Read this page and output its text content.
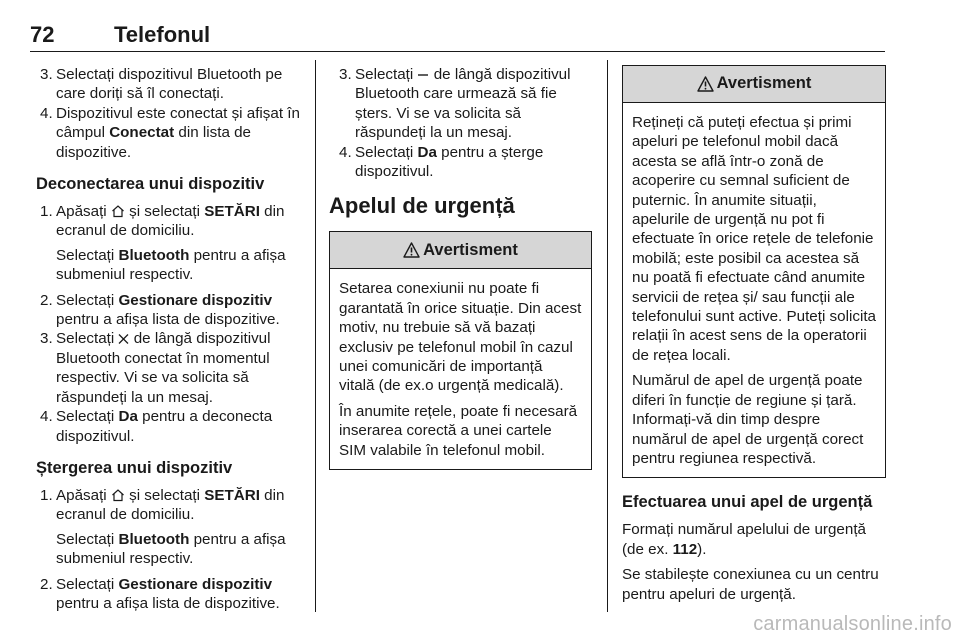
72	Telefonul

3. Selectați dispozitivul Bluetooth pe care doriți să îl conectați.

4. Dispozitivul este conectat și afișat în câmpul Conectat din lista de dispozitive.

Deconectarea unui dispozitiv
1. Apăsați  și selectați SETĂRI din ecranul de domiciliu.

Selectați Bluetooth pentru a afișa submeniul respectiv.

2. Selectați Gestionare dispozitiv pentru a afișa lista de dispozitive.

3. Selectați  de lângă dispozitivul Bluetooth conectat în momentul respectiv. Vi se va solicita să răspundeți la un mesaj.

4. Selectați Da pentru a deconecta dispozitivul.

Ștergerea unui dispozitiv
1. Apăsați  și selectați SETĂRI din ecranul de domiciliu.

Selectați Bluetooth pentru a afișa submeniul respectiv.

2. Selectați Gestionare dispozitiv pentru a afișa lista de dispozitive.

3. Selectați  de lângă dispozitivul Bluetooth care urmează să fie șters. Vi se va solicita să răspundeți la un mesaj.

4. Selectați Da pentru a șterge dispozitivul.

Apelul de urgență
Avertisment

Setarea conexiunii nu poate fi garantată în orice situație. Din acest motiv, nu trebuie să vă bazați exclusiv pe telefonul mobil în cazul unei comunicări de importanță vitală (de ex.o urgență medicală).

În anumite rețele, poate fi necesară inserarea corectă a unei cartele SIM valabile în telefonul mobil.

Avertisment

Rețineți că puteți efectua și primi apeluri pe telefonul mobil dacă acesta se află într-o zonă de acoperire cu semnal suficient de puternic. În anumite situații, apelurile de urgență nu pot fi efectuate în orice rețele de telefonie mobilă; este posibil ca acestea să nu poată fi efectuate când anumite servicii de rețea și/ sau funcții ale telefonului sunt active. Puteți solicita relații în acest sens de la operatorii de rețea locali.

Numărul de apel de urgență poate diferi în funcție de regiune și țară. Informați-vă din timp despre numărul de apel de urgență corect pentru regiunea respectivă.

Efectuarea unui apel de urgență

Formați numărul apelului de urgență (de ex. 112).

Se stabilește conexiunea cu un centru pentru apeluri de urgență.

carmanualsonline.info
